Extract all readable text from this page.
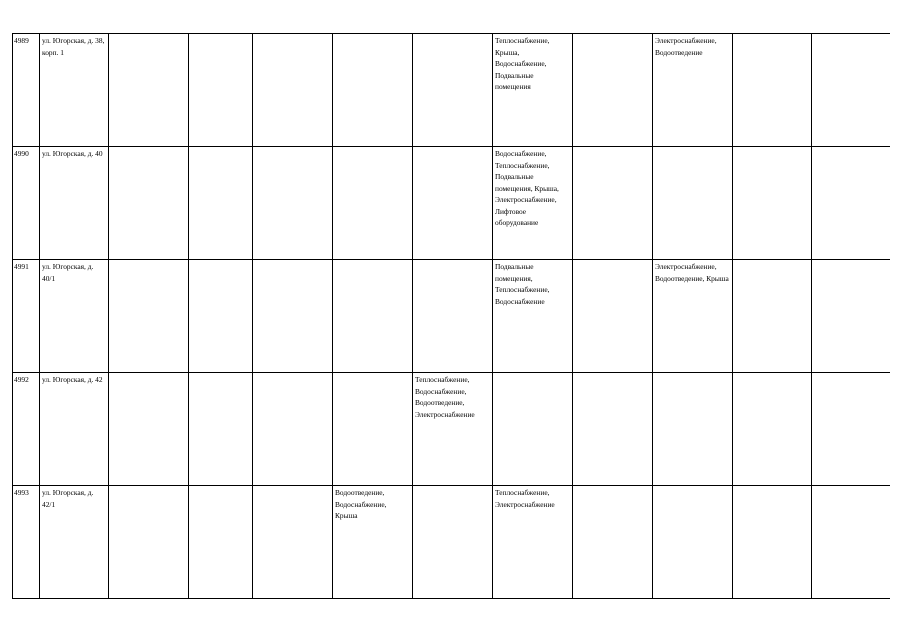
4989	ул. Югорская, д. 38, корп. 1						Теплоснабжение, Крыша, Водоснабжение, Подвальные помещения		Электроснабжение, Водоотведение		
4990	ул. Югорская, д. 40						Водоснабжение, Теплоснабжение, Подвальные помещения, Крыша, Электроснабжение, Лифтовое оборудование				
4991	ул. Югорская, д. 40/1						Подвальные помещения, Теплоснабжение, Водоснабжение		Электроснабжение, Водоотведение, Крыша		
4992	ул. Югорская, д. 42					Теплоснабжение, Водоснабжение, Водоотведение, Электроснабжение					
4993	ул. Югорская, д. 42/1				Водоотведение, Водоснабжение, Крыша		Теплоснабжение, Электроснабжение				
